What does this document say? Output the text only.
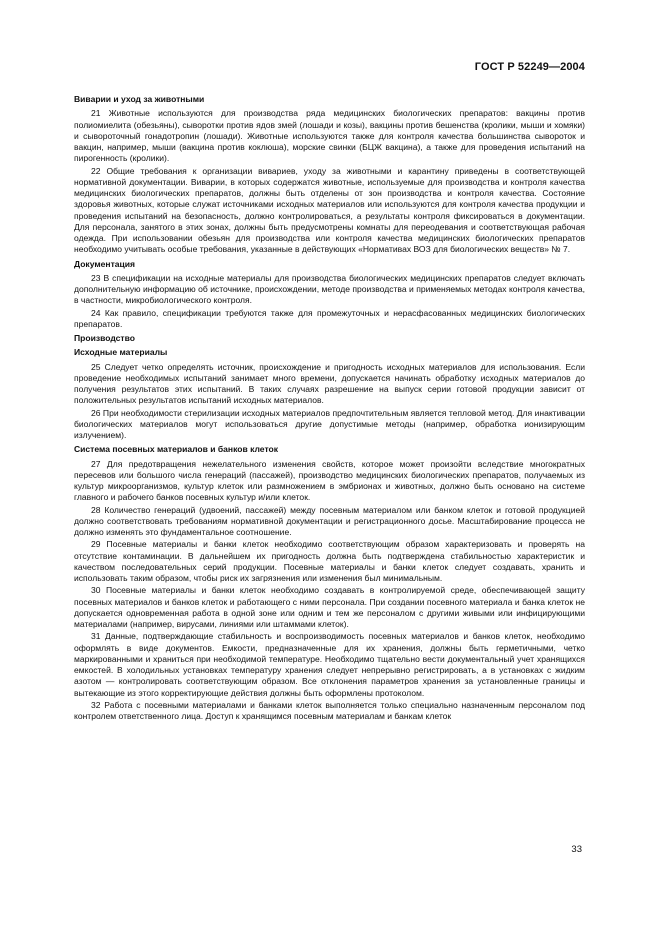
ГОСТ Р 52249—2004
Виварии и уход за животными
21 Животные используются для производства ряда медицинских биологических препаратов: вакцины против полиомиелита (обезьяны), сыворотки против ядов змей (лошади и козы), вакцины против бешенства (кролики, мыши и хомяки) и сывороточный гонадотропин (лошади). Животные используются также для контроля качества большинства сывороток и вакцин, например, мыши (вакцина против коклюша), морские свинки (БЦЖ вакцина), а также для проведения испытаний на пирогенность (кролики).
22 Общие требования к организации вивариев, уходу за животными и карантину приведены в соответствующей нормативной документации. Виварии, в которых содержатся животные, используемые для производства и контроля качества медицинских биологических препаратов, должны быть отделены от зон производства и контроля качества. Состояние здоровья животных, которые служат источниками исходных материалов или используются для контроля качества продукции и проведения испытаний на безопасность, должно контролироваться, а результаты контроля фиксироваться в документации. Для персонала, занятого в этих зонах, должны быть предусмотрены комнаты для переодевания и соответствующая рабочая одежда. При использовании обезьян для производства или контроля качества медицинских биологических препаратов необходимо учитывать особые требования, указанные в действующих «Нормативах ВОЗ для биологических веществ» № 7.
Документация
23 В спецификации на исходные материалы для производства биологических медицинских препаратов следует включать дополнительную информацию об источнике, происхождении, методе производства и применяемых методах контроля качества, в частности, микробиологического контроля.
24 Как правило, спецификации требуются также для промежуточных и нерасфасованных медицинских биологических препаратов.
Производство
Исходные материалы
25 Следует четко определять источник, происхождение и пригодность исходных материалов для использования. Если проведение необходимых испытаний занимает много времени, допускается начинать обработку исходных материалов до получения результатов этих испытаний. В таких случаях разрешение на выпуск серии готовой продукции зависит от положительных результатов испытаний исходных материалов.
26 При необходимости стерилизации исходных материалов предпочтительным является тепловой метод. Для инактивации биологических материалов могут использоваться другие допустимые методы (например, обработка ионизирующим излучением).
Система посевных материалов и банков клеток
27 Для предотвращения нежелательного изменения свойств, которое может произойти вследствие многократных пересевов или большого числа генераций (пассажей), производство медицинских биологических препаратов, получаемых из культур микроорганизмов, культур клеток или размножением в эмбрионах и животных, должно быть основано на системе главного и рабочего банков посевных культур и/или клеток.
28 Количество генераций (удвоений, пассажей) между посевным материалом или банком клеток и готовой продукцией должно соответствовать требованиям нормативной документации и регистрационного досье. Масштабирование процесса не должно изменять это фундаментальное соотношение.
29 Посевные материалы и банки клеток необходимо соответствующим образом характеризовать и проверять на отсутствие контаминации. В дальнейшем их пригодность должна быть подтверждена стабильностью характеристик и качеством последовательных серий продукции. Посевные материалы и банки клеток следует создавать, хранить и использовать таким образом, чтобы риск их загрязнения или изменения был минимальным.
30 Посевные материалы и банки клеток необходимо создавать в контролируемой среде, обеспечивающей защиту посевных материалов и банков клеток и работающего с ними персонала. При создании посевного материала и банка клеток не допускается одновременная работа в одной зоне или одним и тем же персоналом с другими живыми или инфицирующими материалами (например, вирусами, линиями или штаммами клеток).
31 Данные, подтверждающие стабильность и воспроизводимость посевных материалов и банков клеток, необходимо оформлять в виде документов. Емкости, предназначенные для их хранения, должны быть герметичными, четко маркированными и храниться при необходимой температуре. Необходимо тщательно вести документальный учет хранящихся емкостей. В холодильных установках температуру хранения следует непрерывно регистрировать, а в установках с жидким азотом — контролировать соответствующим образом. Все отклонения параметров хранения за установленные границы и вытекающие из этого корректирующие действия должны быть оформлены протоколом.
32 Работа с посевными материалами и банками клеток выполняется только специально назначенным персоналом под контролем ответственного лица. Доступ к хранящимся посевным материалам и банкам клеток
33
